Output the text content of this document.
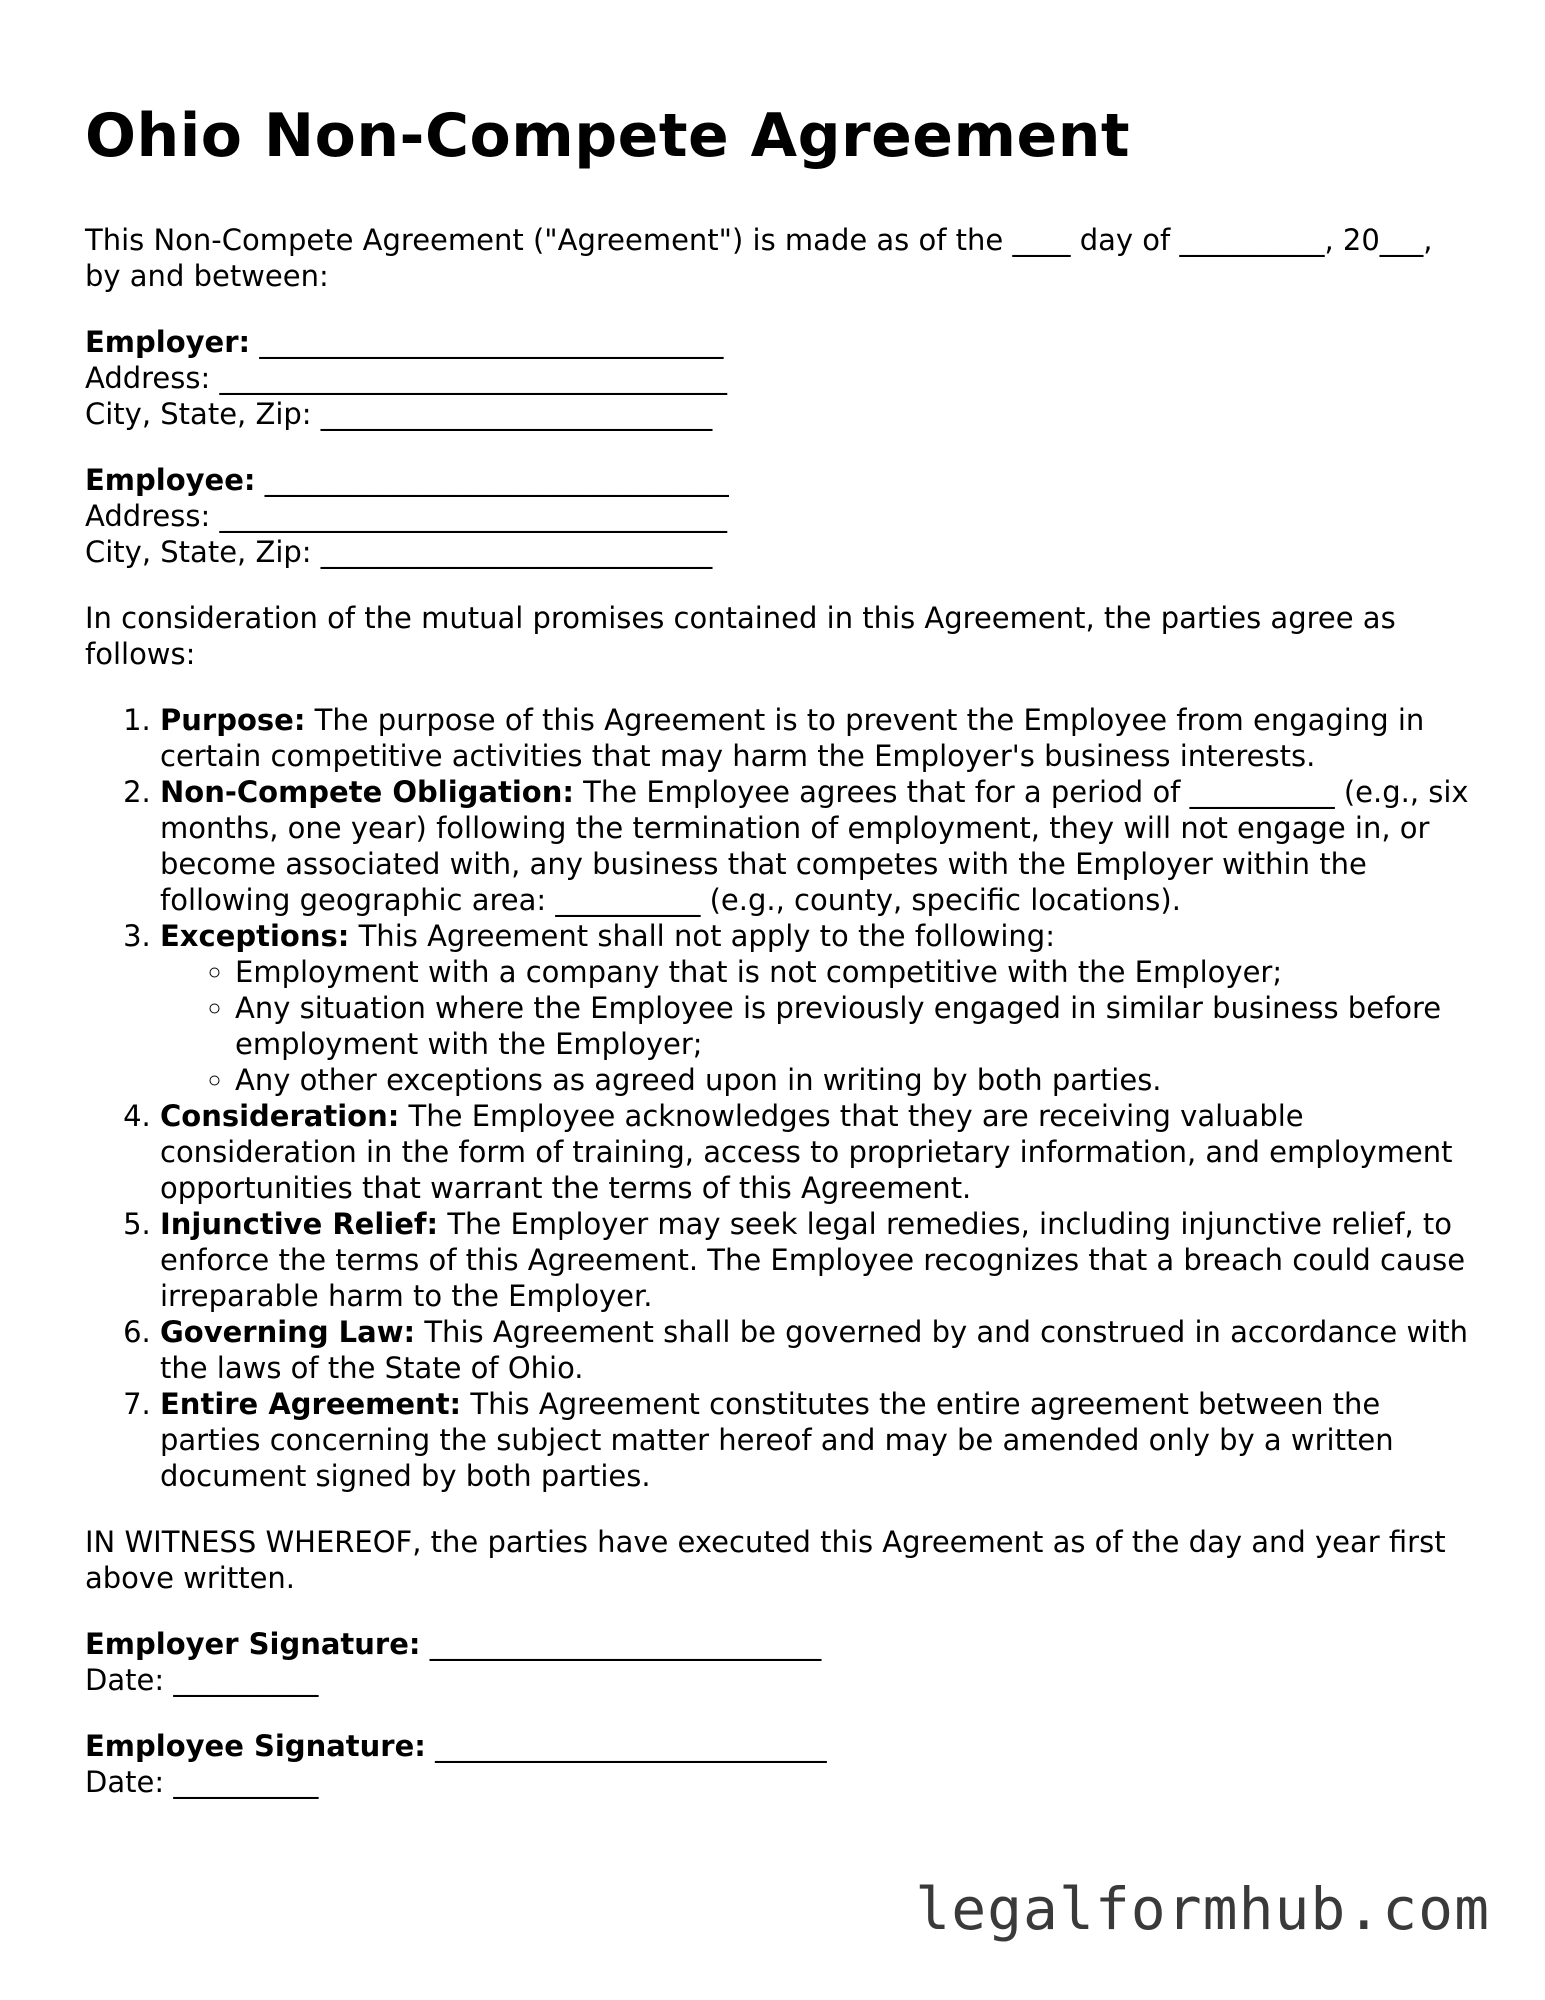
Ohio Non-Compete Agreement

This Non-Compete Agreement ("Agreement") is made as of the ____ day of __________, 20___, by and between:

Employer: ________________________________
Address: ___________________________________
City, State, Zip: ___________________________
Employee: ________________________________
Address: ___________________________________
City, State, Zip: ___________________________

In consideration of the mutual promises contained in this Agreement, the parties agree as follows:

1. Purpose: The purpose of this Agreement is to prevent the Employee from engaging in certain competitive activities that may harm the Employer's business interests.
2. Non-Compete Obligation: The Employee agrees that for a period of __________ (e.g., six months, one year) following the termination of employment, they will not engage in, or become associated with, any business that competes with the Employer within the following geographic area: __________ (e.g., county, specific locations).
3. Exceptions: This Agreement shall not apply to the following:
◦ Employment with a company that is not competitive with the Employer;
◦ Any situation where the Employee is previously engaged in similar business before employment with the Employer;
◦ Any other exceptions as agreed upon in writing by both parties.
4. Consideration: The Employee acknowledges that they are receiving valuable consideration in the form of training, access to proprietary information, and employment opportunities that warrant the terms of this Agreement.
5. Injunctive Relief: The Employer may seek legal remedies, including injunctive relief, to enforce the terms of this Agreement. The Employee recognizes that a breach could cause irreparable harm to the Employer.
6. Governing Law: This Agreement shall be governed by and construed in accordance with the laws of the State of Ohio.
7. Entire Agreement: This Agreement constitutes the entire agreement between the parties concerning the subject matter hereof and may be amended only by a written document signed by both parties.

IN WITNESS WHEREOF, the parties have executed this Agreement as of the day and year first above written.

Employer Signature: ___________________________
Date: __________
Employee Signature: ___________________________
Date: __________
legalformhub.com
